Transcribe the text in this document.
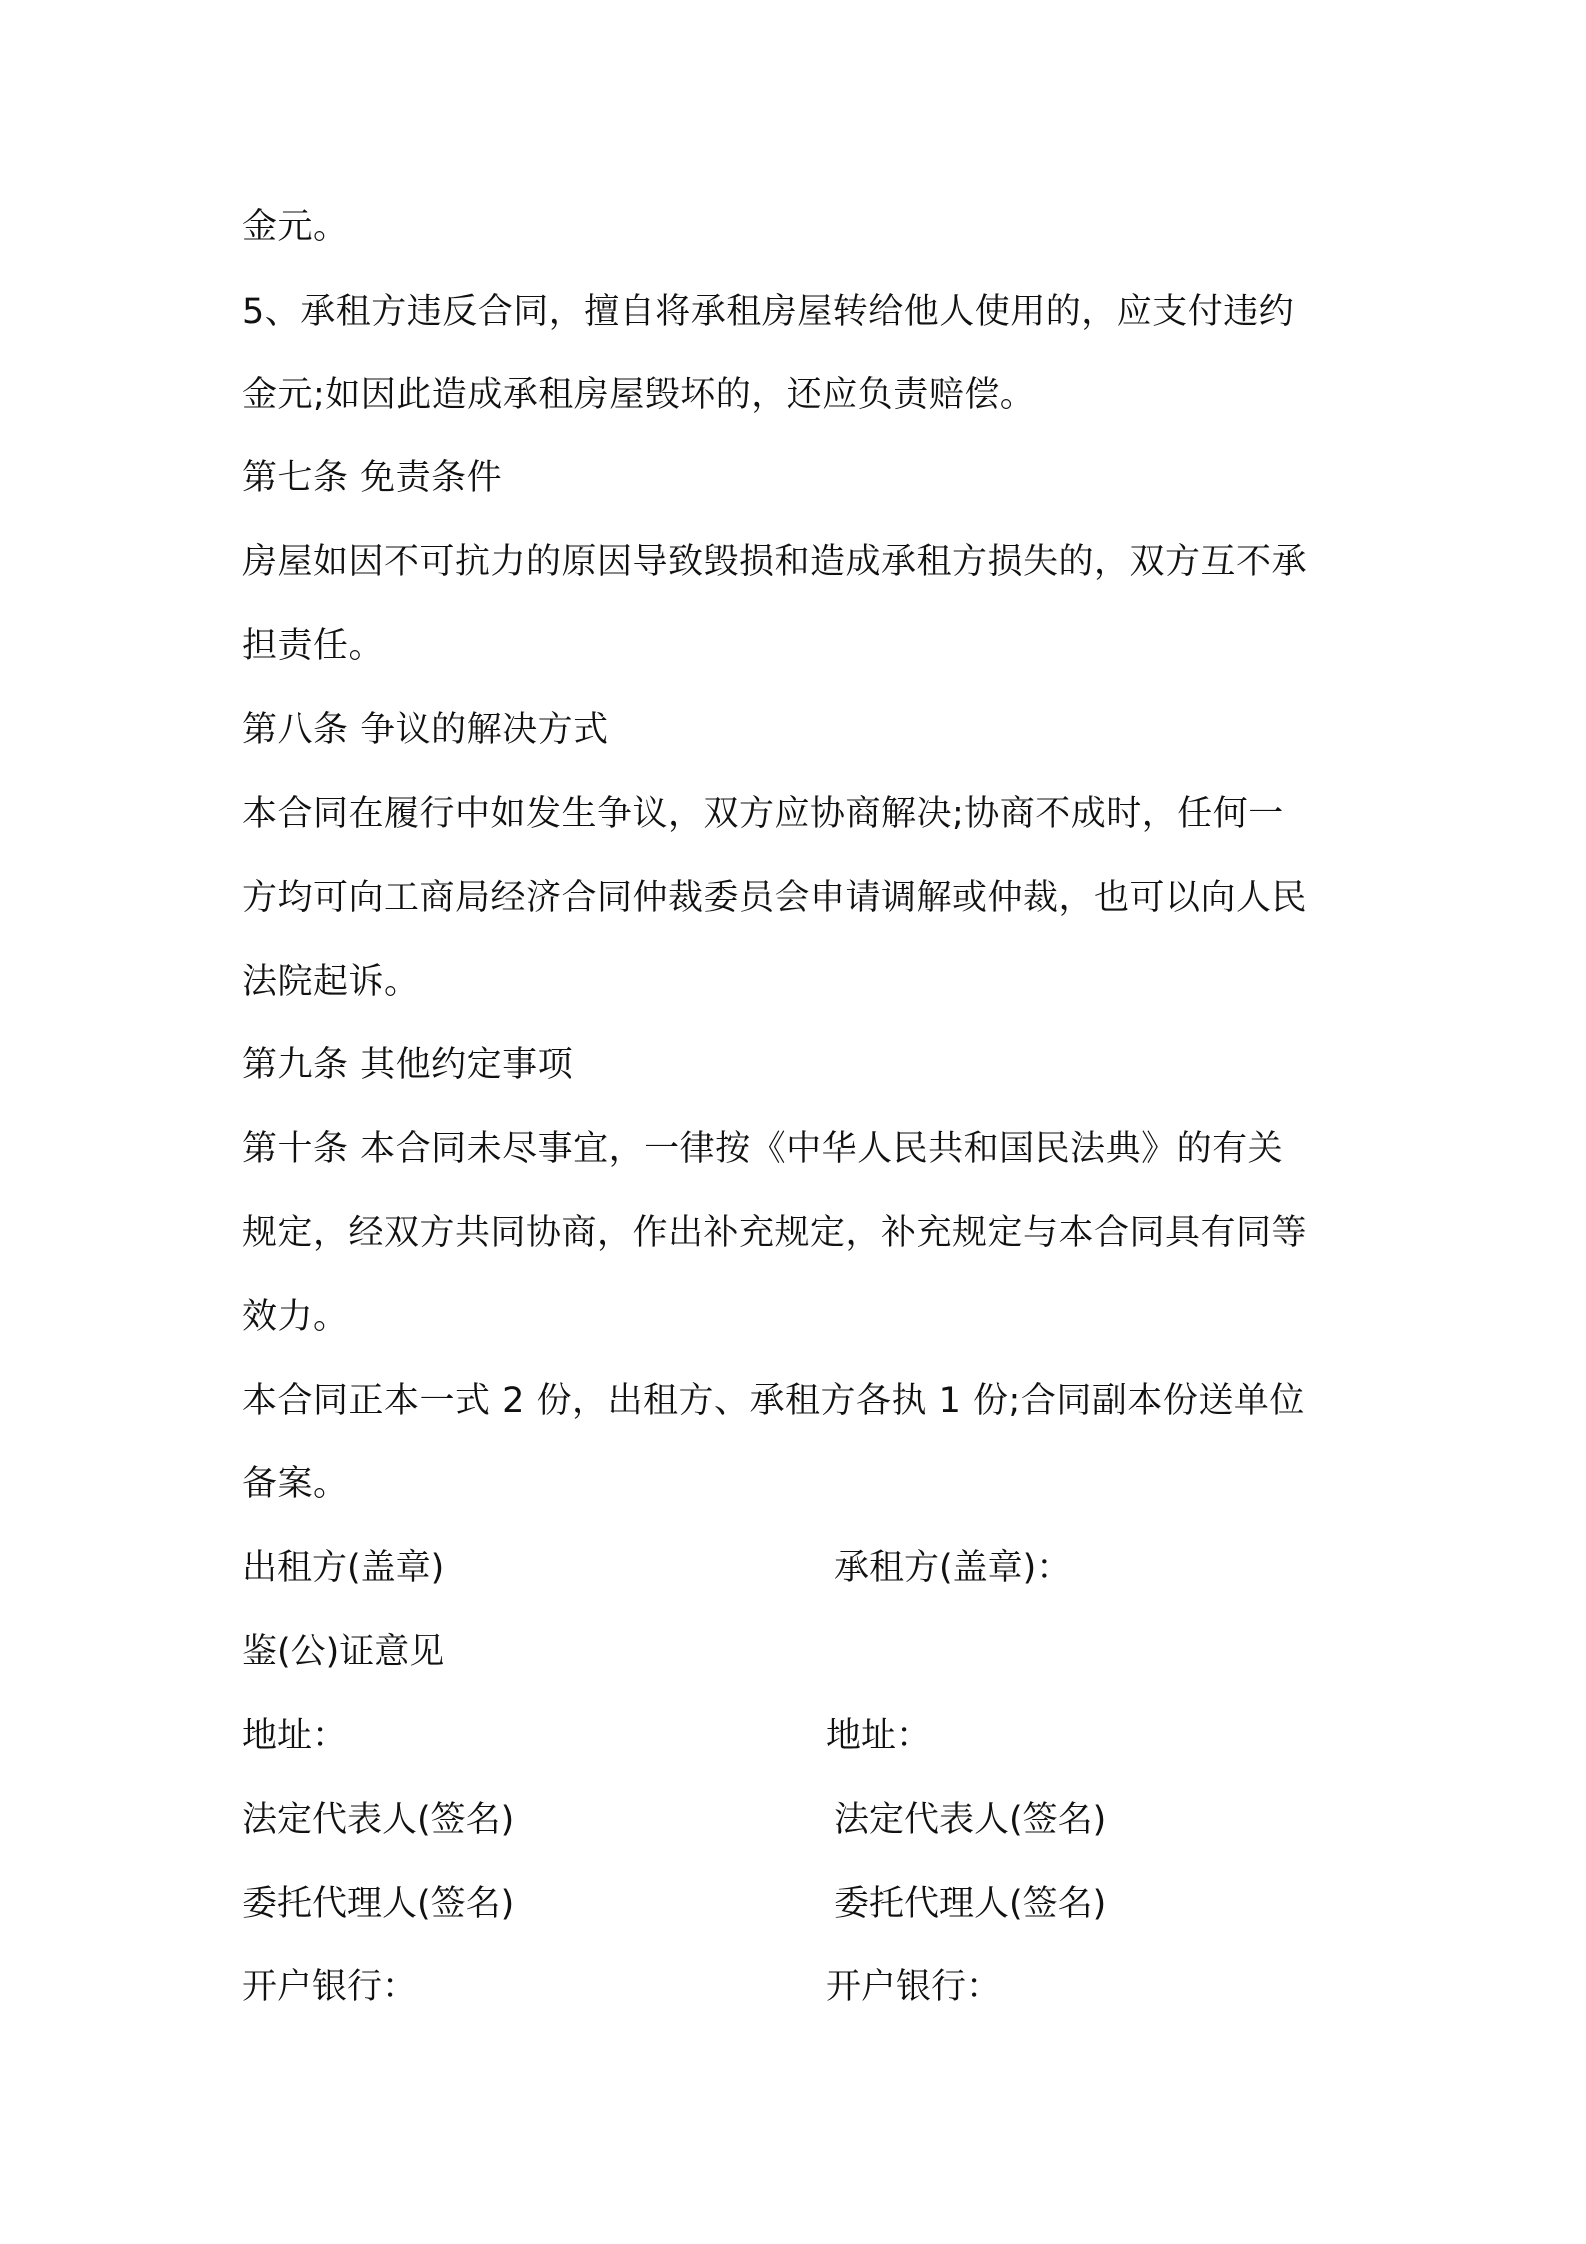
金元。
5、承租方违反合同，擅自将承租房屋转给他人使用的，应支付违约
金元;如因此造成承租房屋毁坏的，还应负责赔偿。
第七条 免责条件
房屋如因不可抗力的原因导致毁损和造成承租方损失的，双方互不承
担责任。
第八条 争议的解决方式
本合同在履行中如发生争议，双方应协商解决;协商不成时，任何一
方均可向工商局经济合同仲裁委员会申请调解或仲裁，也可以向人民
法院起诉。
第九条 其他约定事项
第十条 本合同未尽事宜，一律按《中华人民共和国民法典》的有关
规定，经双方共同协商，作出补充规定，补充规定与本合同具有同等
效力。
本合同正本一式 2 份，出租方、承租方各执 1 份;合同副本份送单位
备案。
出租方(盖章)	承租方(盖章)：
鉴(公)证意见
地址：	地址：
法定代表人(签名)	法定代表人(签名)
委托代理人(签名)	委托代理人(签名)
开户银行：	开户银行：
